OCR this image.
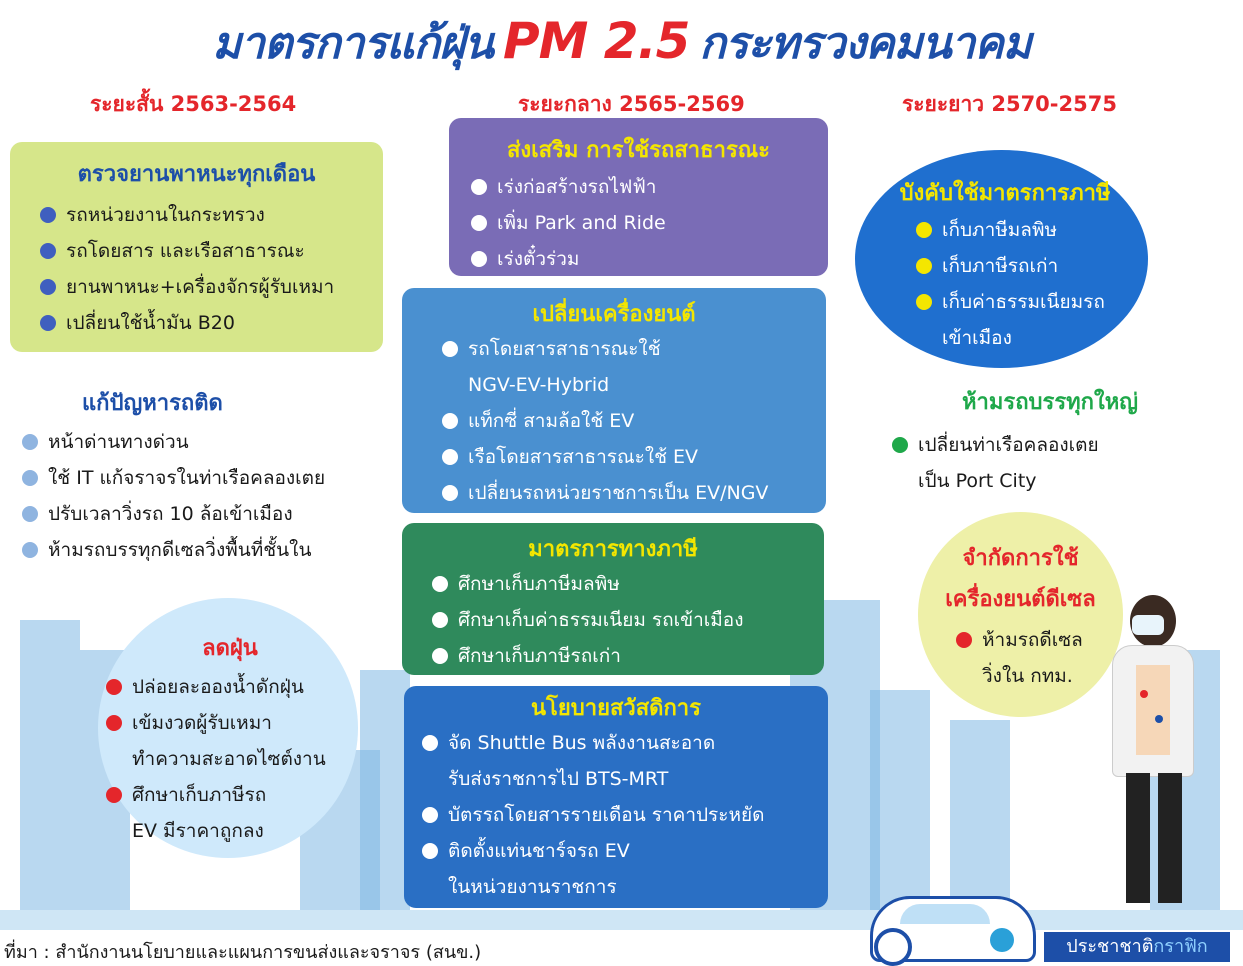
มาตรการแก้ฝุ่น PM 2.5 กระทรวงคมนาคม
ระยะสั้น 2563-2564	ระยะกลาง 2565-2569	ระยะยาว 2570-2575
ตรวจยานพาหนะทุกเดือน
รถหน่วยงานในกระทรวง
รถโดยสาร และเรือสาธารณะ
ยานพาหนะ+เครื่องจักรผู้รับเหมา
เปลี่ยนใช้น้ำมัน B20
แก้ปัญหารถติด
หน้าด่านทางด่วน
ใช้ IT แก้จราจรในท่าเรือคลองเตย
ปรับเวลาวิ่งรถ 10 ล้อเข้าเมือง
ห้ามรถบรรทุกดีเซลวิ่งพื้นที่ชั้นใน
ลดฝุ่น
ปล่อยละอองน้ำดักฝุ่น
เข้มงวดผู้รับเหมา
ทำความสะอาดไซต์งาน
ศึกษาเก็บภาษีรถ
EV มีราคาถูกลง
ส่งเสริม การใช้รถสาธารณะ
เร่งก่อสร้างรถไฟฟ้า
เพิ่ม Park and Ride
เร่งตั๋วร่วม
เปลี่ยนเครื่องยนต์
รถโดยสารสาธารณะใช้
NGV-EV-Hybrid
แท็กซี่ สามล้อใช้ EV
เรือโดยสารสาธารณะใช้ EV
เปลี่ยนรถหน่วยราชการเป็น EV/NGV
มาตรการทางภาษี
ศึกษาเก็บภาษีมลพิษ
ศึกษาเก็บค่าธรรมเนียม รถเข้าเมือง
ศึกษาเก็บภาษีรถเก่า
นโยบายสวัสดิการ
จัด Shuttle Bus พลังงานสะอาด
รับส่งราชการไป BTS-MRT
บัตรรถโดยสารรายเดือน ราคาประหยัด
ติดตั้งแท่นชาร์จรถ EV
ในหน่วยงานราชการ
บังคับใช้มาตรการภาษี
เก็บภาษีมลพิษ
เก็บภาษีรถเก่า
เก็บค่าธรรมเนียมรถ
เข้าเมือง
ห้ามรถบรรทุกใหญ่
เปลี่ยนท่าเรือคลองเตย
เป็น Port City
จำกัดการใช้
เครื่องยนต์ดีเซล
ห้ามรถดีเซล
วิ่งใน กทม.
ที่มา : สำนักงานนโยบายและแผนการขนส่งและจราจร (สนข.)	ประชาชาติกราฟิก
